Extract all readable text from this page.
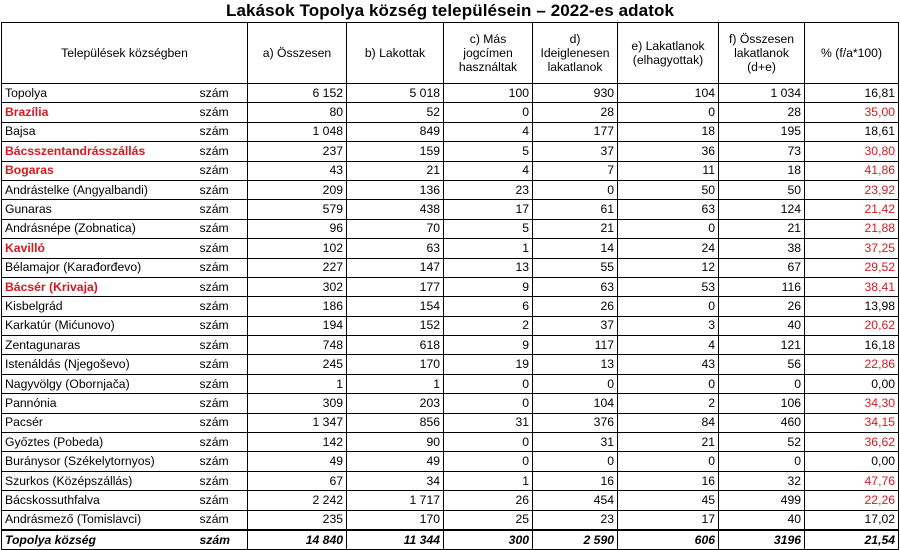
Lakások Topolya község településein – 2022-es adatok
Települések községben		a) Összesen	b) Lakottak	c) Más jogcímen használtak	d) Ideiglenesen lakatlanok	e) Lakatlanok (elhagyottak)	f) Összesen lakatlanok (d+e)	% (f/a*100)
Topolya	szám	6 152	5 018	100	930	104	1 034	16,81
Brazília	szám	80	52	0	28	0	28	35,00
Bajsa	szám	1 048	849	4	177	18	195	18,61
Bácsszentandrásszállás	szám	237	159	5	37	36	73	30,80
Bogaras	szám	43	21	4	7	11	18	41,86
Andrástelke (Angyalbandi)	szám	209	136	23	0	50	50	23,92
Gunaras	szám	579	438	17	61	63	124	21,42
Andrásnépe (Zobnatica)	szám	96	70	5	21	0	21	21,88
Kavilló	szám	102	63	1	14	24	38	37,25
Bélamajor (Karađorđevo)	szám	227	147	13	55	12	67	29,52
Bácsér (Krivaja)	szám	302	177	9	63	53	116	38,41
Kisbelgrád	szám	186	154	6	26	0	26	13,98
Karkatúr (Mićunovo)	szám	194	152	2	37	3	40	20,62
Zentagunaras	szám	748	618	9	117	4	121	16,18
Istenáldás (Njegoševo)	szám	245	170	19	13	43	56	22,86
Nagyvölgy (Obornjača)	szám	1	1	0	0	0	0	0,00
Pannónia	szám	309	203	0	104	2	106	34,30
Pacsér	szám	1 347	856	31	376	84	460	34,15
Győztes (Pobeda)	szám	142	90	0	31	21	52	36,62
Buránysor (Székelytornyos)	szám	49	49	0	0	0	0	0,00
Szurkos (Középszállás)	szám	67	34	1	16	16	32	47,76
Bácskossuthfalva	szám	2 242	1 717	26	454	45	499	22,26
Andrásmező (Tomislavci)	szám	235	170	25	23	17	40	17,02
Topolya község	szám	14 840	11 344	300	2 590	606	3196	21,54
